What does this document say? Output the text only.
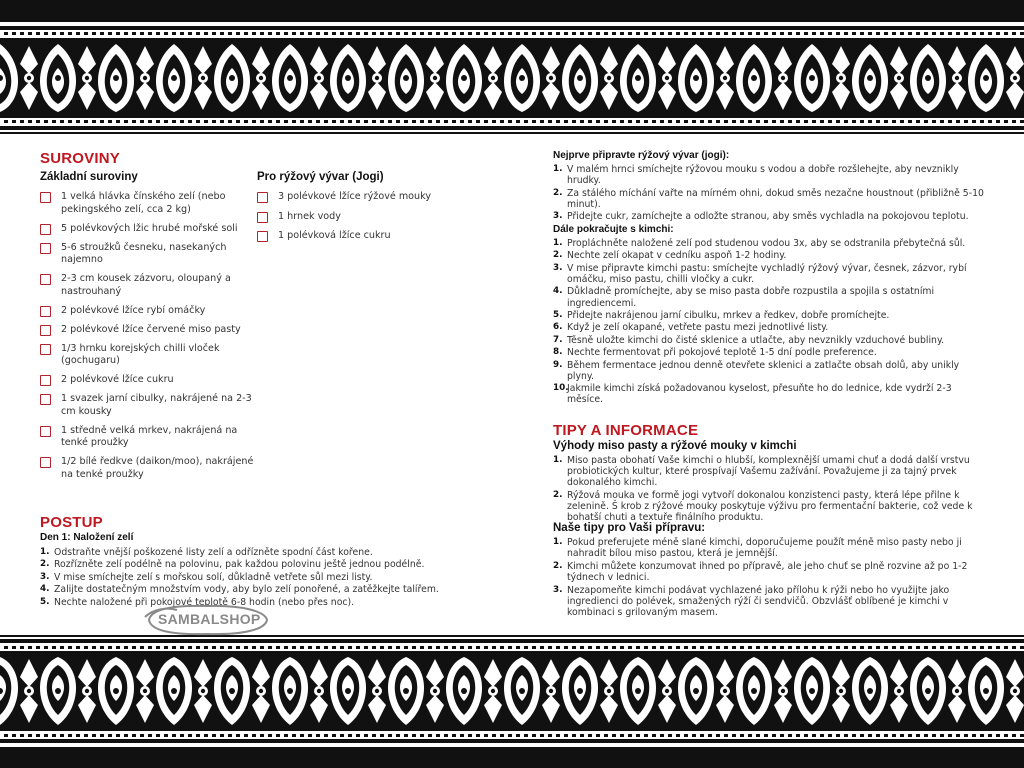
SUROVINY
Základní suroviny
1 velká hlávka čínského zelí (nebo pekingského zelí, cca 2 kg)
5 polévkových lžic hrubé mořské soli
5-6 stroužků česneku, nasekaných najemno
2-3 cm kousek zázvoru, oloupaný a nastrouhaný
2 polévkové lžíce rybí omáčky
2 polévkové lžíce červené miso pasty
1/3 hrnku korejských chilli vloček (gochugaru)
2 polévkové lžíce cukru
1 svazek jarní cibulky, nakrájené na 2-3 cm kousky
1 středně velká mrkev, nakrájená na tenké proužky
1/2 bílé ředkve (daikon/moo), nakrájené na tenké proužky
Pro rýžový vývar (Jogi)
3 polévkové lžíce rýžové mouky
1 hrnek vody
1 polévková lžíce cukru
POSTUP
Den 1: Naložení zelí
1. Odstraňte vnější poškozené listy zelí a odřízněte spodní část kořene.
2. Rozřízněte zelí podélně na polovinu, pak každou polovinu ještě jednou podélně.
3. V mise smíchejte zelí s mořskou solí, důkladně vetřete sůl mezi listy.
4. Zalijte dostatečným množstvím vody, aby bylo zelí ponořené, a zatěžkejte talířem.
5. Nechte naložené při pokojové teplotě 6-8 hodin (nebo přes noc).
SAMBALSHOP
Nejprve připravte rýžový vývar (jogi):
1. V malém hrnci smíchejte rýžovou mouku s vodou a dobře rozšlehejte, aby nevznikly hrudky.
2. Za stálého míchání vařte na mírném ohni, dokud směs nezačne houstnout (přibližně 5-10 minut).
3. Přidejte cukr, zamíchejte a odložte stranou, aby směs vychladla na pokojovou teplotu.
Dále pokračujte s kimchi:
1. Propláchněte naložené zelí pod studenou vodou 3x, aby se odstranila přebytečná sůl.
2. Nechte zelí okapat v cedníku aspoň 1-2 hodiny.
3. V mise připravte kimchi pastu: smíchejte vychladlý rýžový vývar, česnek, zázvor, rybí omáčku, miso pastu, chilli vločky a cukr.
4. Důkladně promíchejte, aby se miso pasta dobře rozpustila a spojila s ostatními ingrediencemi.
5. Přidejte nakrájenou jarní cibulku, mrkev a ředkev, dobře promíchejte.
6. Když je zelí okapané, vetřete pastu mezi jednotlivé listy.
7. Těsně uložte kimchi do čisté sklenice a utlačte, aby nevznikly vzduchové bubliny.
8. Nechte fermentovat při pokojové teplotě 1-5 dní podle preference.
9. Během fermentace jednou denně otevřete sklenici a zatlačte obsah dolů, aby unikly plyny.
10.
Jakmile kimchi získá požadovanou kyselost, přesuňte ho do lednice, kde vydrží 2-3 měsíce.
TIPY A INFORMACE
Výhody miso pasty a rýžové mouky v kimchi
1. Miso pasta obohatí Vaše kimchi o hlubší, komplexnější umami chuť a dodá další vrstvu probiotických kultur, které prospívají Vašemu zažívání. Považujeme ji za tajný prvek dokonalého kimchi.
2. Rýžová mouka ve formě jogi vytvoří dokonalou konzistenci pasty, která lépe přilne k zelenině. Š krob z rýžové mouky poskytuje výživu pro fermentační bakterie, což vede k bohatší chuti a textuře finálního produktu.
Naše tipy pro Vaši přípravu:
1. Pokud preferujete méně slané kimchi, doporučujeme použít méně miso pasty nebo ji nahradit bílou miso pastou, která je jemnější.
2. Kimchi můžete konzumovat ihned po přípravě, ale jeho chuť se plně rozvine až po 1-2 týdnech v lednici.
3. Nezapomeňte kimchi podávat vychlazené jako přílohu k rýži nebo ho využijte jako ingredienci do polévek, smažených rýží či sendvičů. Obzvlášť oblíbené je kimchi v kombinaci s grilovaným masem.
